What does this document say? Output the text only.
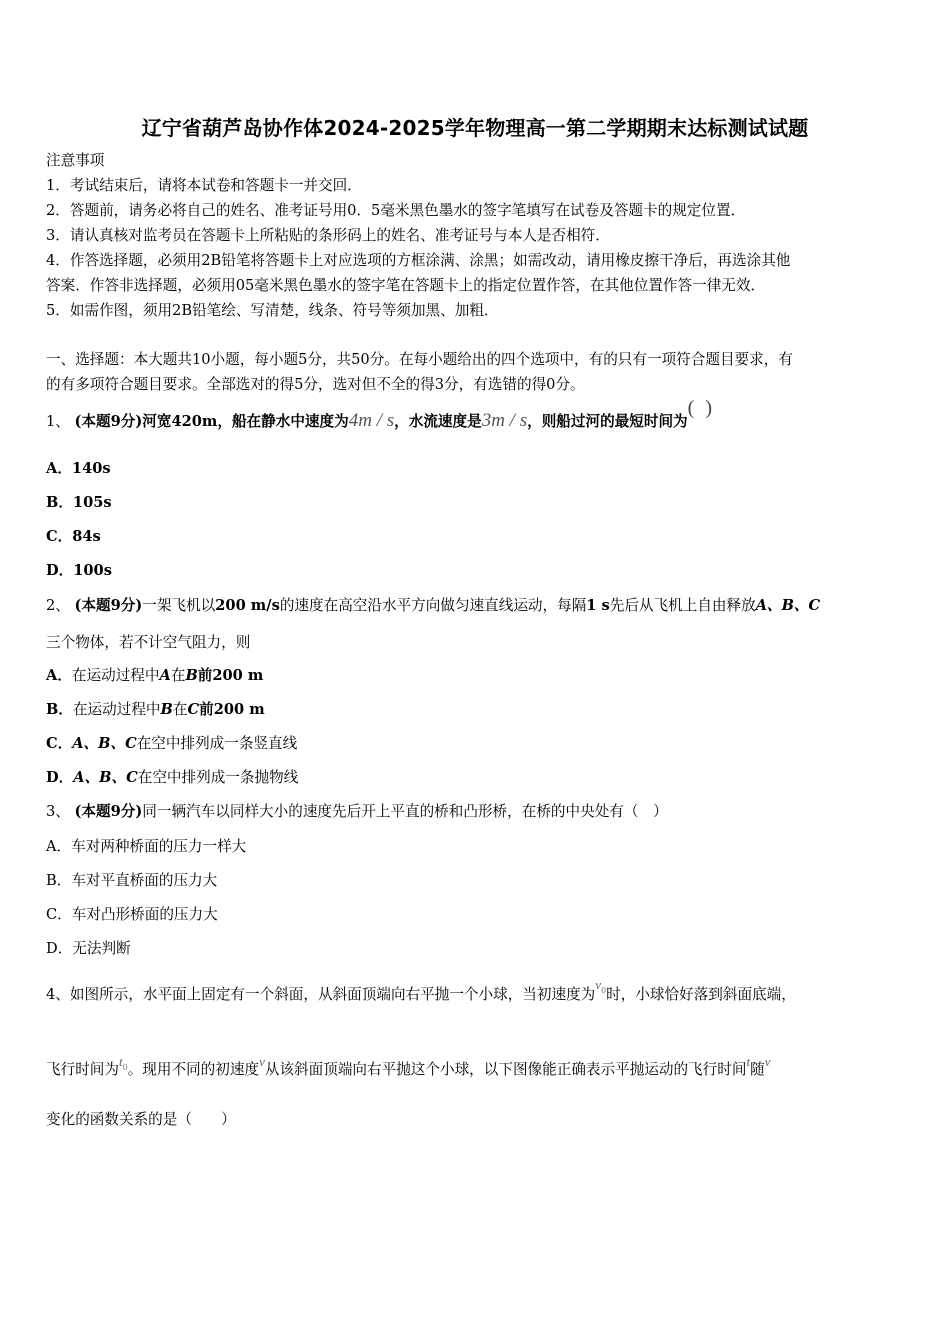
辽宁省葫芦岛协作体2024-2025学年物理高一第二学期期末达标测试试题
注意事项
1．考试结束后，请将本试卷和答题卡一并交回．
2．答题前，请务必将自己的姓名、准考证号用0．5毫米黑色墨水的签字笔填写在试卷及答题卡的规定位置．
3．请认真核对监考员在答题卡上所粘贴的条形码上的姓名、准考证号与本人是否相符．
4．作答选择题，必须用2B铅笔将答题卡上对应选项的方框涂满、涂黑；如需改动，请用橡皮擦干净后，再选涂其他
答案．作答非选择题，必须用05毫米黑色墨水的签字笔在答题卡上的指定位置作答，在其他位置作答一律无效．
5．如需作图，须用2B铅笔绘、写清楚，线条、符号等须加黑、加粗．
一、选择题：本大题共10小题，每小题5分，共50分。在每小题给出的四个选项中，有的只有一项符合题目要求，有
的有多项符合题目要求。全部选对的得5分，选对但不全的得3分，有选错的得0分。
1、 (本题9分)河宽420m，船在静水中速度为4m / s，水流速度是3m / s，则船过河的最短时间为(　 )
A．140s
B．105s
C．84s
D．100s
2、 (本题9分)一架飞机以200 m/s的速度在高空沿水平方向做匀速直线运动，每隔1 s先后从飞机上自由释放A、B、C
三个物体，若不计空气阻力，则
A．在运动过程中A在B前200 m
B．在运动过程中B在C前200 m
C．A、B、C在空中排列成一条竖直线
D．A、B、C在空中排列成一条抛物线
3、 (本题9分)同一辆汽车以同样大小的速度先后开上平直的桥和凸形桥，在桥的中央处有（　）
A．车对两种桥面的压力一样大
B．车对平直桥面的压力大
C．车对凸形桥面的压力大
D．无法判断
4、如图所示，水平面上固定有一个斜面，从斜面顶端向右平抛一个小球，当初速度为$v_0$时，小球恰好落到斜面底端，
飞行时间为$t_0$。现用不同的初速度v从该斜面顶端向右平抛这个小球，以下图像能正确表示平抛运动的飞行时间t随v
变化的函数关系的是（　　）
